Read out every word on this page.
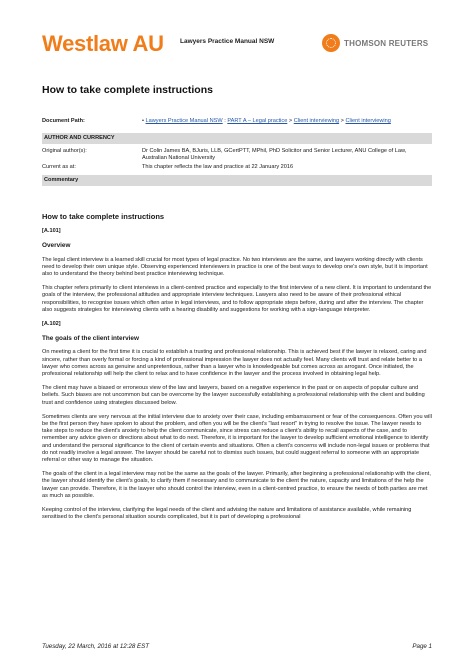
Westlaw AU	Lawyers Practice Manual NSW	THOMSON REUTERS
How to take complete instructions
Document Path:	• Lawyers Practice Manual NSW : PART A – Legal practice > Client interviewing > Client interviewing
AUTHOR AND CURRENCY
Original author(s):	Dr Colin James BA, BJuris, LLB, GCertPTT, MPhil, PhD Solicitor and Senior Lecturer, ANU College of Law, Australian National University
Current as at:	This chapter reflects the law and practice at 22 January 2016
Commentary
How to take complete instructions
[A.101]
Overview

The legal client interview is a learned skill crucial for most types of legal practice. No two interviews are the same, and lawyers working directly with clients need to develop their own unique style. Observing experienced interviewers in practice is one of the best ways to develop one's own style, but it is important also to understand the theory behind best practice interviewing technique.

This chapter refers primarily to client interviews in a client-centred practice and especially to the first interview of a new client. It is important to understand the goals of the interview, the professional attitudes and appropriate interview techniques. Lawyers also need to be aware of their professional ethical responsibilities, to recognise issues which often arise in legal interviews, and to follow appropriate steps before, during and after the interview. The chapter also suggests strategies for interviewing clients with a hearing disability and suggestions for working with a sign-language interpreter.

[A.102]
The goals of the client interview

On meeting a client for the first time it is crucial to establish a trusting and professional relationship. This is achieved best if the lawyer is relaxed, caring and sincere, rather than overly formal or forcing a kind of professional impression the lawyer does not actually feel. Many clients will trust and relate better to a lawyer who comes across as genuine and unpretentious, rather than a lawyer who is knowledgeable but comes across as arrogant. Once initiated, the professional relationship will help the client to relax and to have confidence in the lawyer and the process involved in obtaining legal help.

The client may have a biased or erroneous view of the law and lawyers, based on a negative experience in the past or on aspects of popular culture and beliefs. Such biases are not uncommon but can be overcome by the lawyer successfully establishing a professional relationship with the client and building trust and confidence using strategies discussed below.

Sometimes clients are very nervous at the initial interview due to anxiety over their case, including embarrassment or fear of the consequences. Often you will be the first person they have spoken to about the problem, and often you will be the client's "last resort" in trying to resolve the issue. The lawyer needs to take steps to reduce the client's anxiety to help the client communicate, since stress can reduce a client's ability to recall aspects of the case, and to remember any advice given or directions about what to do next. Therefore, it is important for the lawyer to develop sufficient emotional intelligence to identify and understand the personal significance to the client of certain events and situations. Often a client's concerns will include non-legal issues or problems that do not readily involve a legal answer. The lawyer should be careful not to dismiss such issues, but could suggest referral to someone with an appropriate referral or other way to manage the situation.

The goals of the client in a legal interview may not be the same as the goals of the lawyer. Primarily, after beginning a professional relationship with the client, the lawyer should identify the client's goals, to clarify them if necessary and to communicate to the client the nature, capacity and limitations of the help the lawyer can provide. Therefore, it is the lawyer who should control the interview, even in a client-centred practice, to ensure the needs of both parties are met as much as possible.

Keeping control of the interview, clarifying the legal needs of the client and advising the nature and limitations of assistance available, while remaining sensitised to the client's personal situation sounds complicated, but it is part of developing a professional

Tuesday, 22 March, 2016 at 12:28 EST	Page 1
